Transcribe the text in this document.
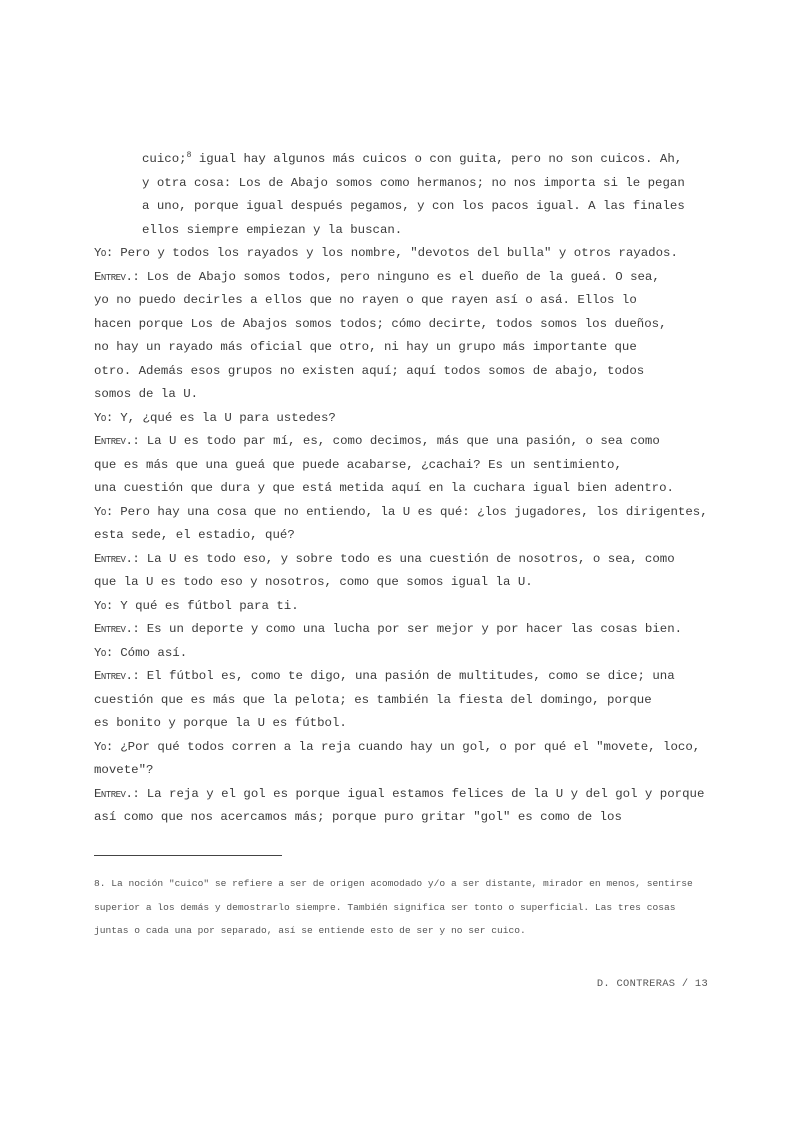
cuico;$^8$ igual hay algunos más cuicos o con guita, pero no son cuicos. Ah,
y otra cosa: Los de Abajo somos como hermanos; no nos importa si le pegan
a uno, porque igual después pegamos, y con los pacos igual. A las finales
ellos siempre empiezan y la buscan.

Yo: Pero y todos los rayados y los nombre, "devotos del bulla" y otros rayados.

Entrev.: Los de Abajo somos todos, pero ninguno es el dueño de la gueá. O sea,
yo no puedo decirles a ellos que no rayen o que rayen así o asá. Ellos lo
hacen porque Los de Abajos somos todos; cómo decirte, todos somos los dueños,
no hay un rayado más oficial que otro, ni hay un grupo más importante que
otro. Además esos grupos no existen aquí; aquí todos somos de abajo, todos
somos de la U.

Yo: Y, ¿qué es la U para ustedes?

Entrev.: La U es todo par mí, es, como decimos, más que una pasión, o sea como
que es más que una gueá que puede acabarse, ¿cachai? Es un sentimiento,
una cuestión que dura y que está metida aquí en la cuchara igual bien adentro.

Yo: Pero hay una cosa que no entiendo, la U es qué: ¿los jugadores, los dirigentes,
esta sede, el estadio, qué?

Entrev.: La U es todo eso, y sobre todo es una cuestión de nosotros, o sea, como
que la U es todo eso y nosotros, como que somos igual la U.

Yo: Y qué es fútbol para ti.

Entrev.: Es un deporte y como una lucha por ser mejor y por hacer las cosas bien.

Yo: Cómo así.

Entrev.: El fútbol es, como te digo, una pasión de multitudes, como se dice; una
cuestión que es más que la pelota; es también la fiesta del domingo, porque
es bonito y porque la U es fútbol.

Yo: ¿Por qué todos corren a la reja cuando hay un gol, o por qué el "movete, loco,
movete"?

Entrev.: La reja y el gol es porque igual estamos felices de la U y del gol y porque
así como que nos acercamos más; porque puro gritar "gol" es como de los

8. La noción "cuico" se refiere a ser de origen acomodado y/o a ser distante, mirador en menos, sentirse
superior a los demás y demostrarlo siempre. También significa ser tonto o superficial. Las tres cosas
juntas o cada una por separado, así se entiende esto de ser y no ser cuico.
D. CONTRERAS / 13
